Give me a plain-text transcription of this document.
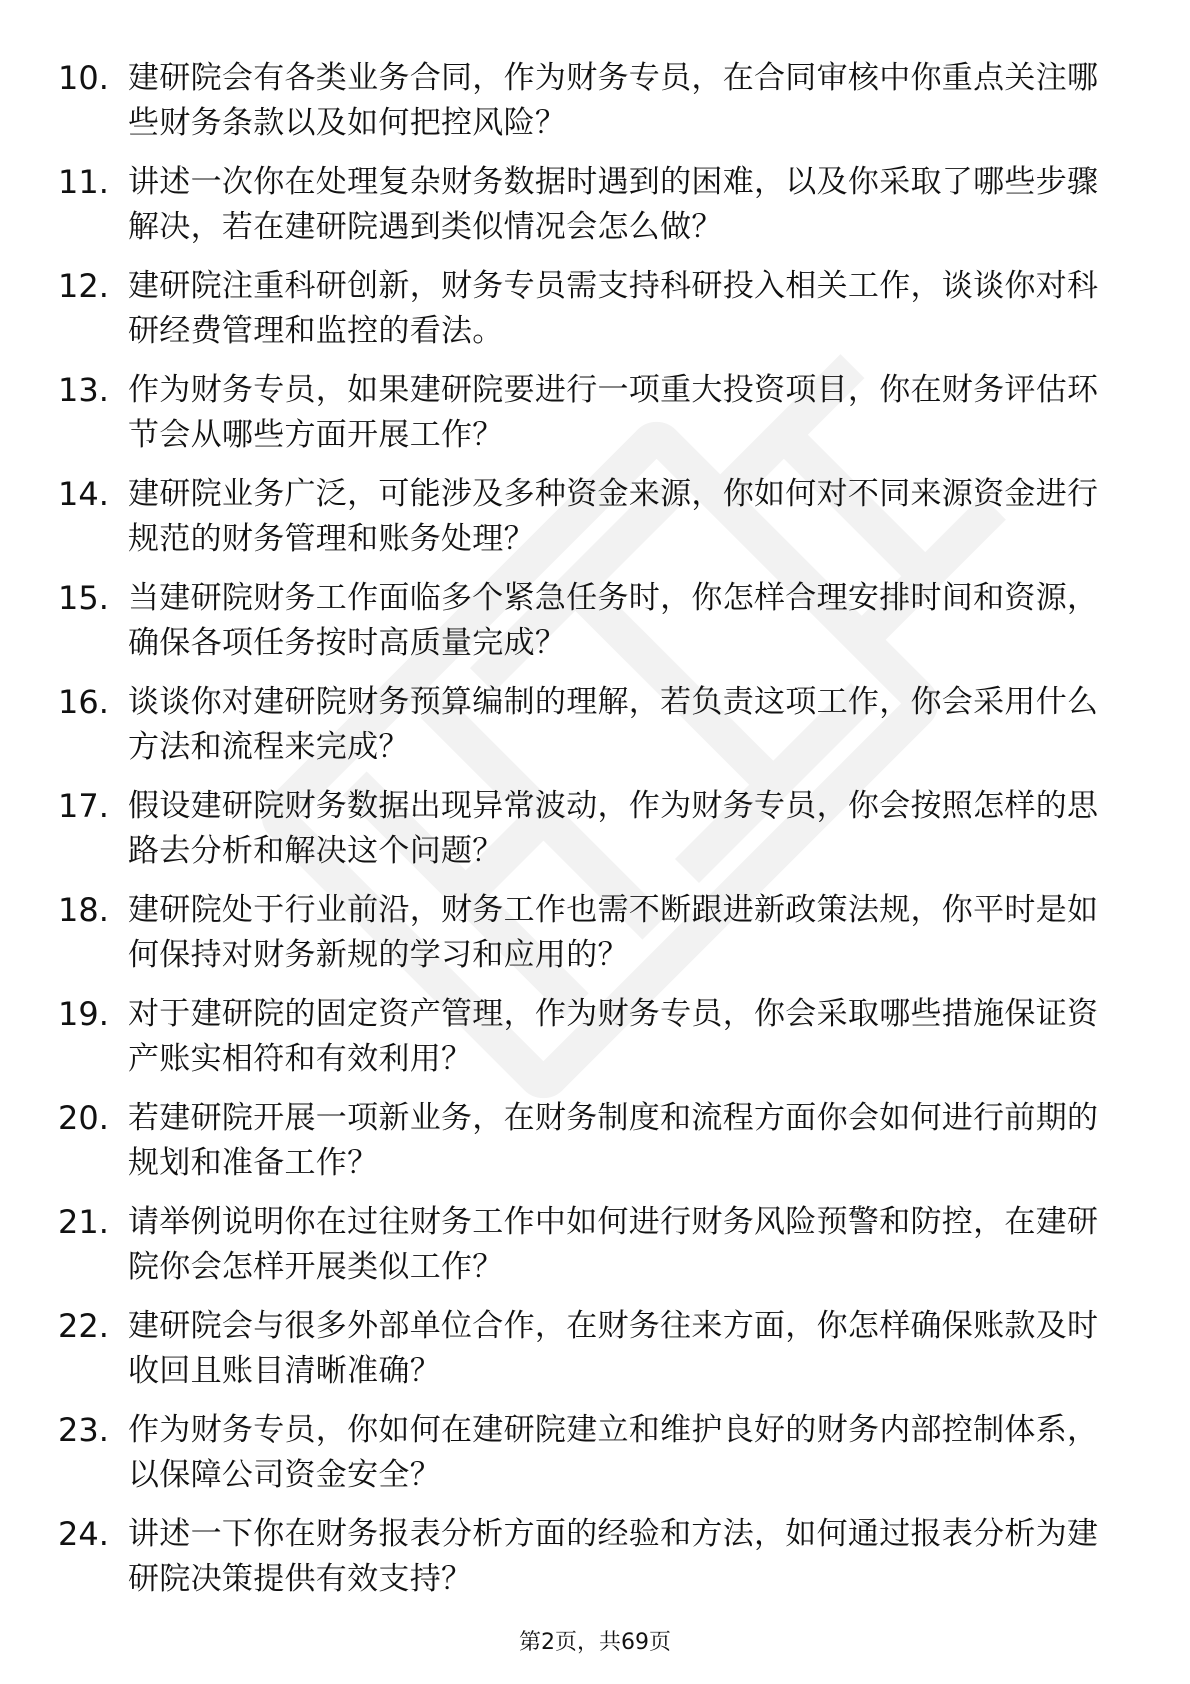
10. 建研院会有各类业务合同，作为财务专员，在合同审核中你重点关注哪些财务条款以及如何把控风险？
11. 讲述一次你在处理复杂财务数据时遇到的困难，以及你采取了哪些步骤解决，若在建研院遇到类似情况会怎么做？
12. 建研院注重科研创新，财务专员需支持科研投入相关工作，谈谈你对科研经费管理和监控的看法。
13. 作为财务专员，如果建研院要进行一项重大投资项目，你在财务评估环节会从哪些方面开展工作？
14. 建研院业务广泛，可能涉及多种资金来源，你如何对不同来源资金进行规范的财务管理和账务处理？
15. 当建研院财务工作面临多个紧急任务时，你怎样合理安排时间和资源，确保各项任务按时高质量完成？
16. 谈谈你对建研院财务预算编制的理解，若负责这项工作，你会采用什么方法和流程来完成？
17. 假设建研院财务数据出现异常波动，作为财务专员，你会按照怎样的思路去分析和解决这个问题？
18. 建研院处于行业前沿，财务工作也需不断跟进新政策法规，你平时是如何保持对财务新规的学习和应用的？
19. 对于建研院的固定资产管理，作为财务专员，你会采取哪些措施保证资产账实相符和有效利用？
20. 若建研院开展一项新业务，在财务制度和流程方面你会如何进行前期的规划和准备工作？
21. 请举例说明你在过往财务工作中如何进行财务风险预警和防控，在建研院你会怎样开展类似工作？
22. 建研院会与很多外部单位合作，在财务往来方面，你怎样确保账款及时收回且账目清晰准确？
23. 作为财务专员，你如何在建研院建立和维护良好的财务内部控制体系，以保障公司资金安全？
24. 讲述一下你在财务报表分析方面的经验和方法，如何通过报表分析为建研院决策提供有效支持？
第2页，共69页
